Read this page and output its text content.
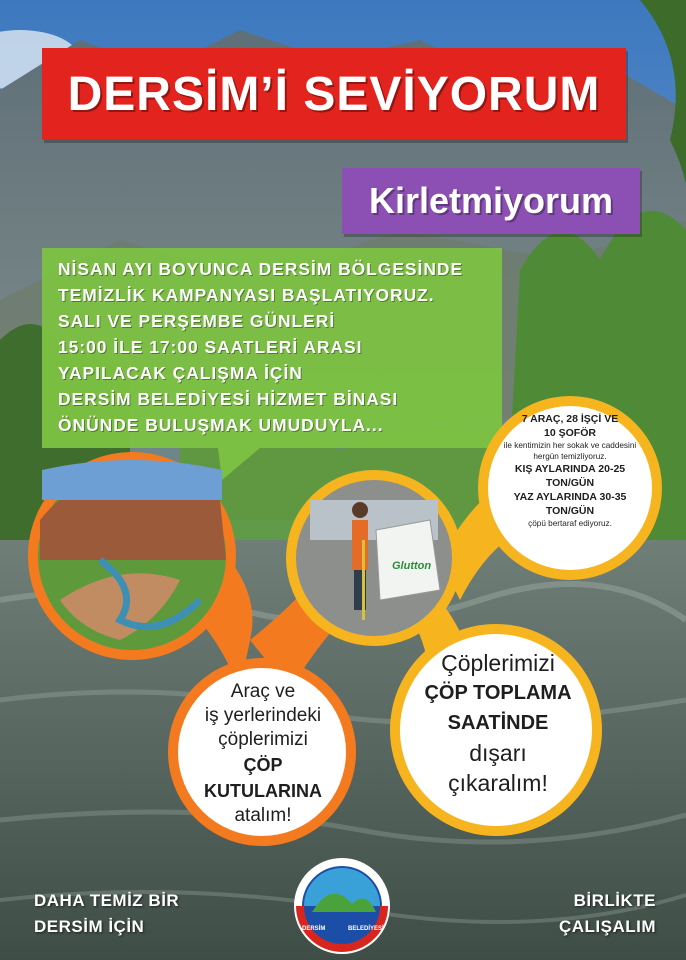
DERSİM	BELEDİYESİ
Glutton
DERSİM’İ SEVİYORUM
Kirletmiyorum
NİSAN AYI BOYUNCA DERSİM BÖLGESİNDE
TEMİZLİK KAMPANYASI BAŞLATIYORUZ.
SALI VE PERŞEMBE GÜNLERİ
15:00 İLE 17:00 SAATLERİ ARASI
YAPILACAK ÇALIŞMA İÇİN
DERSİM BELEDİYESİ HİZMET BİNASI
ÖNÜNDE BULUŞMAK UMUDUYLA...	7 ARAÇ, 28 İŞÇİ VE
10 ŞOFÖR
ile kentimizin her sokak ve caddesini
hergün temizliyoruz.
KIŞ AYLARINDA 20-25
TON/GÜN
YAZ AYLARINDA 30-35
TON/GÜN
çöpü bertaraf ediyoruz.
Araç ve
iş yerlerindeki
çöplerimizi
ÇÖP
KUTULARINA
atalım!
Çöplerimizi
ÇÖP TOPLAMA
SAATİNDE
dışarı
çıkaralım!
DAHA TEMİZ BİR
DERSİM İÇİN
BİRLİKTE
ÇALIŞALIM
